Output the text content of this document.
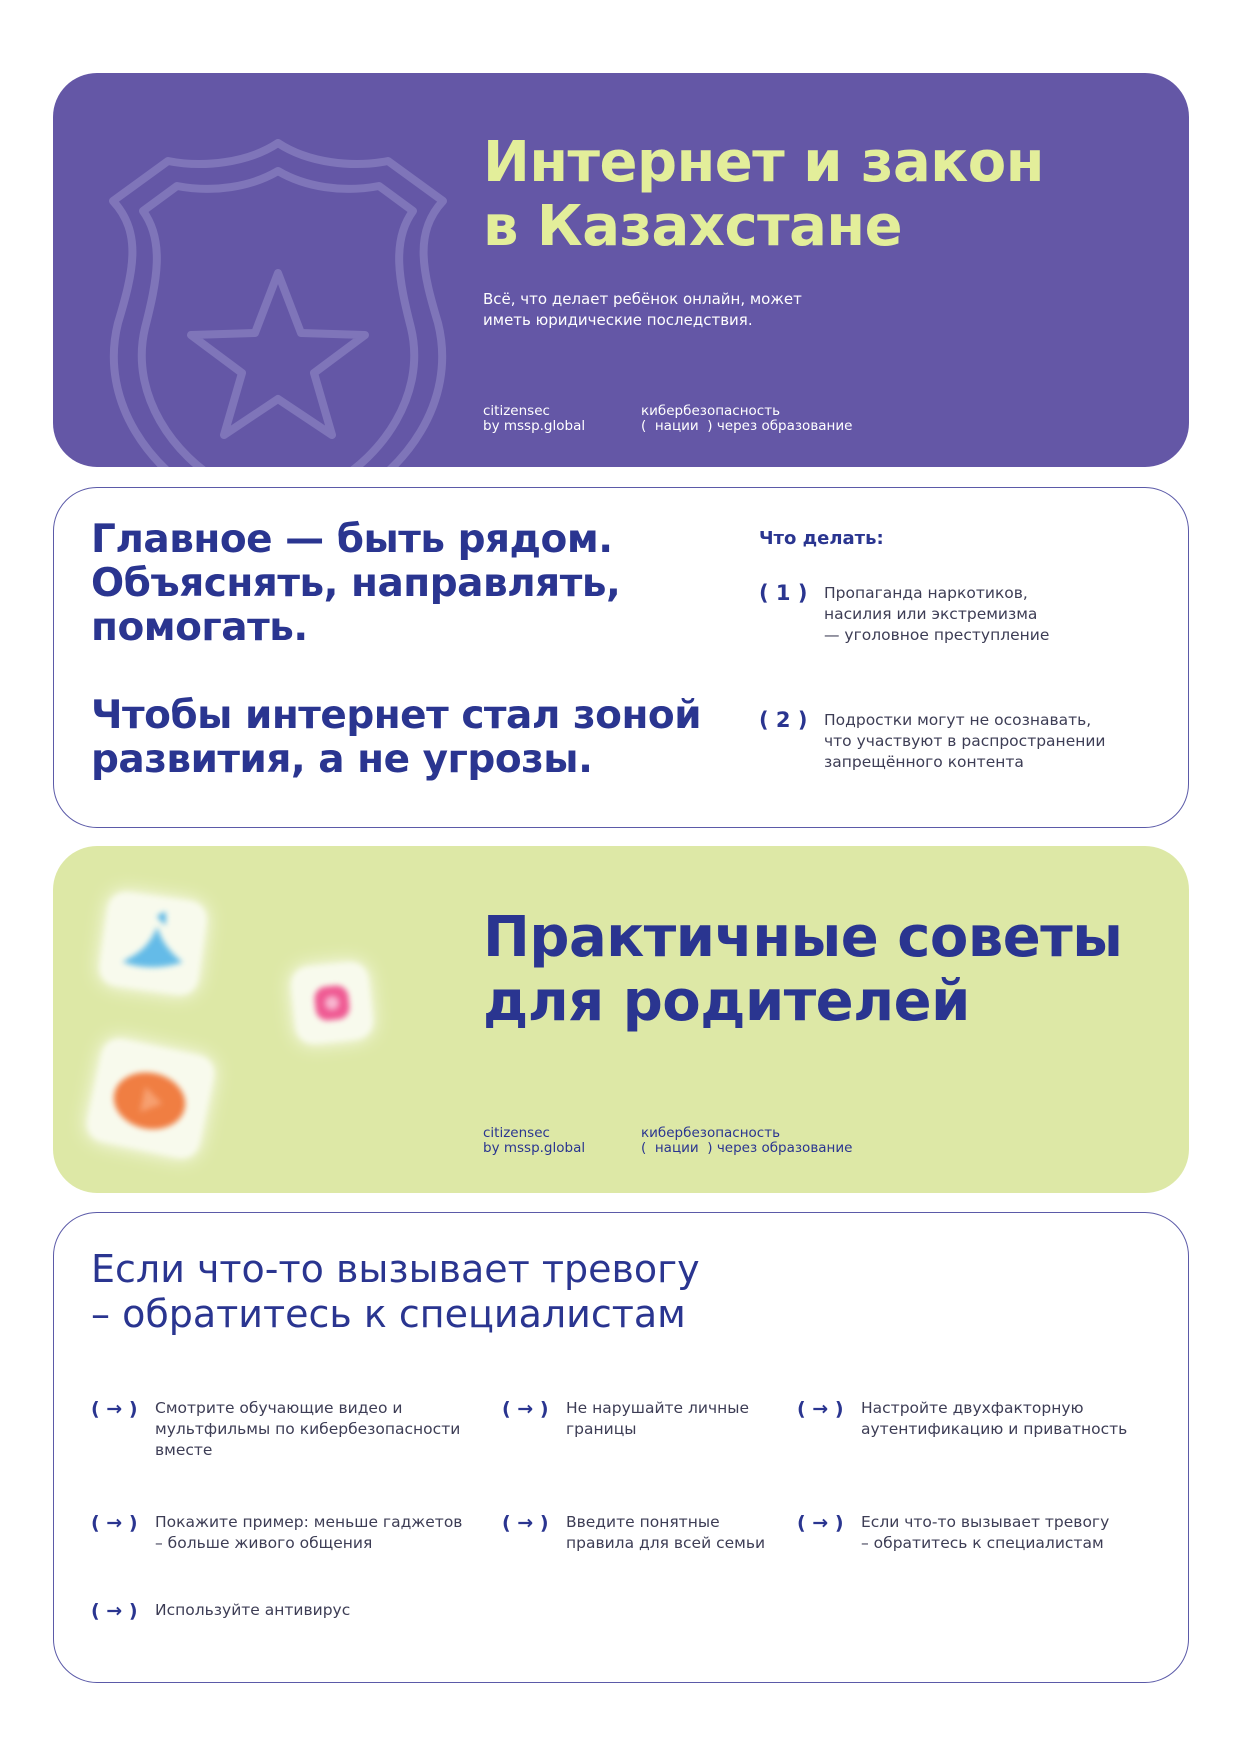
Интернет и закон
в Казахстане

Всё, что делает ребёнок онлайн, может
иметь юридические последствия.

citizensec
by mssp.global
кибербезопасность
(  нации  ) через образование

Главное — быть рядом.
Объяснять, направлять,
помогать.

Чтобы интернет стал зоной
развития, а не угрозы.

Что делать:

( 1 ) Пропаганда наркотиков,
насилия или экстремизма
— уголовное преступление

( 2 ) Подростки могут не осознавать,
что участвуют в распространении
запрещённого контента

Практичные советы
для родителей
citizensec
by mssp.global
кибербезопасность
(  нации  ) через образование
Если что-то вызывает тревогу
– обратитесь к специалистам
( → ) Смотрите обучающие видео и
мультфильмы по кибербезопасности
вместе

( → ) Не нарушайте личные
границы

( → ) Настройте двухфакторную
аутентификацию и приватность

( → ) Покажите пример: меньше гаджетов
– больше живого общения

( → ) Введите понятные
правила для всей семьи

( → ) Если что-то вызывает тревогу
– обратитесь к специалистам

( → ) Используйте антивирус
